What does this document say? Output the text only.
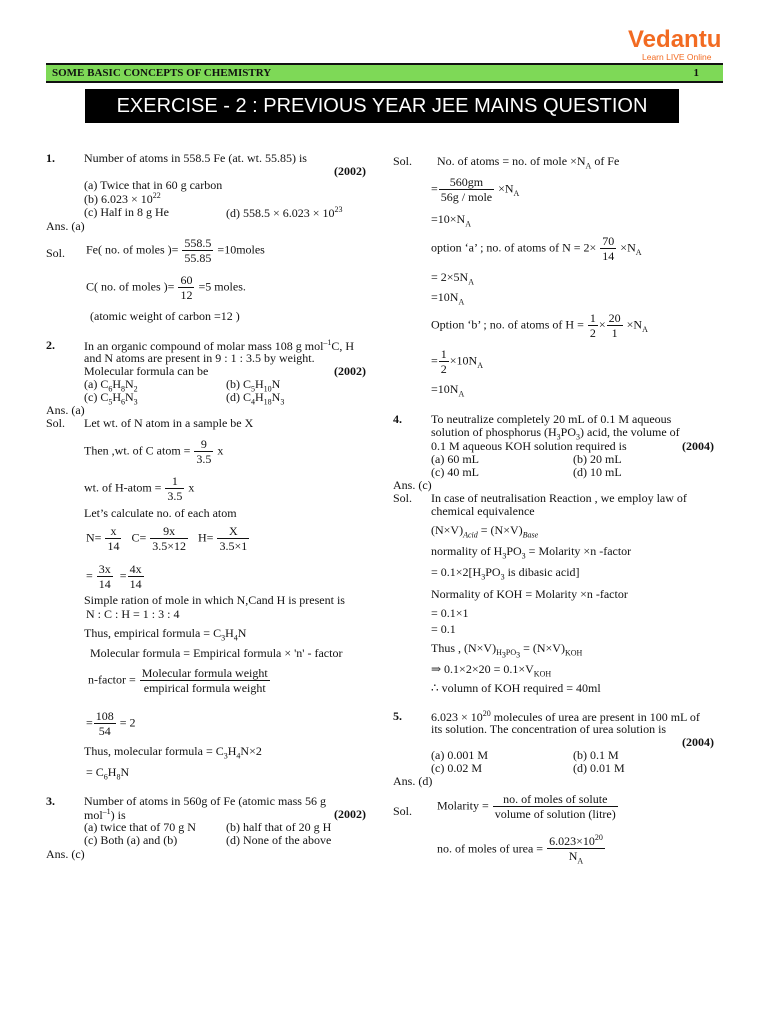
Vedantu
Learn LIVE Online
SOME BASIC CONCEPTS OF CHEMISTRY	1
EXERCISE - 2 : PREVIOUS YEAR JEE MAINS QUESTION
1. Number of atoms in 558.5 Fe (at. wt. 55.85) is
(2002)
(a) Twice that in 60 g carbon
(b) $6.023 \times 10^{22}$
(c) Half in 8 g He	(d) $558.5 \times 6.023 \times 10^{23}$
Ans. (a)
Sol. Fe( no. of moles )= $\frac{558.5}{55.85}$ =10moles
C( no. of moles )= $\frac{60}{12} =5$ moles.
(atomic weight of carbon =12 )
2. In an organic compound of molar mass 108 g mol$^{-1}$C, H
and N atoms are present in 9 : 1 : 3.5 by weight.
Molecular formula can be	(2002)
(a) $C_6H_8N_2$	(b) $C_5H_{10}N$
(c) $C_5H_6N_3$	(d) $C_4H_{18}N_3$
Ans. (a)
Sol. Let wt. of N atom in a sample be X
Then ,wt. of C atom = $\frac{9}{3.5}$ x
wt. of H-atom = $\frac{1}{3.5}$ x
Let’s calculate no. of each atom
$N= \frac{x}{14} C= \frac{9x}{3.5\times 12} H= \frac{X}{3.5\times 1}$
= $\frac{3x}{14} = \frac{4x}{14}$
Simple ration of mole in which N,Cand H is present is
N : C : H = 1 : 3 : 4
Thus, empirical formula = $C_3H_4N$
Molecular formula = Empirical formula × 'n' - factor
n-factor = $\frac{\text{Molecular formula weight}}{\text{empirical formula weight}}$
= $\frac{108}{54} = 2$
Thus, molecular formula = $C_3H_4N\times 2$
= $C_6H_8N$
3. Number of atoms in 560g of Fe (atomic mass 56 g
mol$^{-1}$) is	(2002)
(a) twice that of 70 g N	(b) half that of 20 g H
(c) Both (a) and (b)	(d) None of the above
Ans. (c)
Sol. No. of atoms = no. of mole $\times N_A$ of Fe
= $\frac{560gm}{\text{56g / mole}} \times N_A$
$=10\times N_A$
option ‘a’ ; no. of atoms of $N = 2\times \frac{70}{14} \times N_A$
= $2\times 5N_A$
$=10N_A$
Option ‘b’ ; no. of atoms of $H = \frac{1}{2} \times \frac{20}{1} \times N_A$
= $\frac{1}{2} \times 10N_A$
$=10N_A$
4. To neutralize completely 20 mL of 0.1 M aqueous
solution of phosphorus $(H_3PO_3)$ acid, the volume of
0.1 M aqueous KOH solution required is	(2004)
(a) 60 mL	(b) 20 mL
(c) 40 mL	(d) 10 mL
Ans. (c)
Sol. In case of neutralisation Reaction , we employ law of
chemical equivalence
$(N\times V)_{Acid} = (N\times V)_{Base}$
normality of $H_3PO_3$ = Molarity ×n -factor
= $0.1\times 2[H_3PO_3$ is dibasic acid]
Normality of KOH = Molarity ×n -factor
= 0.1×1
= 0.1
Thus , $(N\times V)_{H_3PO_3} = (N\times V)_{KOH}$
⇒ $0.1\times 2\times 20 = 0.1\times V_{KOH}$
∴ volumn of KOH required = 40ml
5. $6.023 \times 10^{20}$ molecules of urea are present in 100 mL of
its solution. The concentration of urea solution is
(2004)
(a) 0.001 M	(b) 0.1 M
(c) 0.02 M	(d) 0.01 M
Ans. (d)
Sol. Molarity = $\frac{\text{no. of moles of solute}}{\text{volume of solution (litre)}}$
no. of moles of urea = $\frac{6.023\times 10^{20}}{N_A}$
